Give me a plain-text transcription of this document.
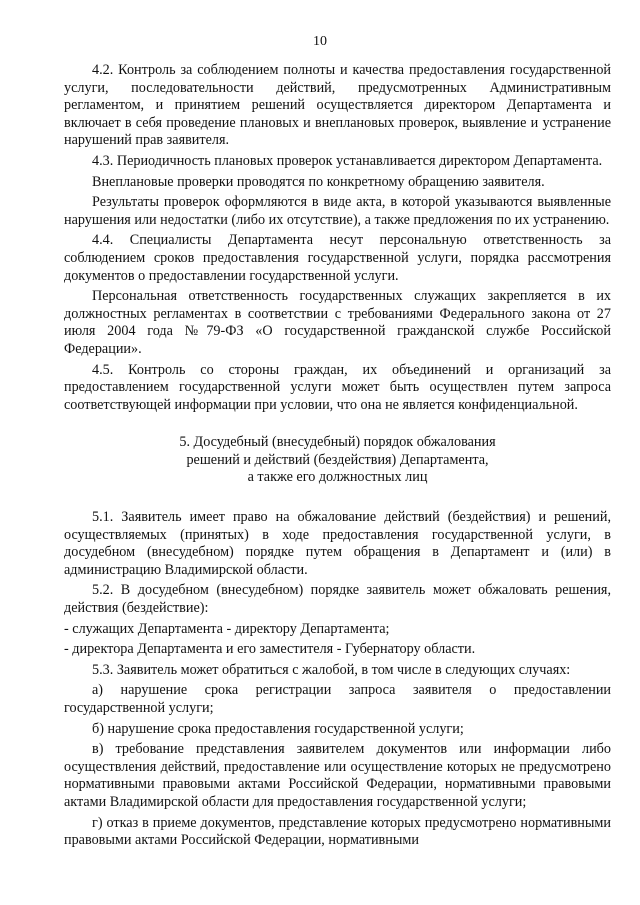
10

4.2. Контроль за соблюдением полноты и качества предоставления государственной услуги, последовательности действий, предусмотренных Административным регламентом, и принятием решений осуществляется директором Департамента и включает в себя проведение плановых и внеплановых проверок, выявление и устранение нарушений прав заявителя.

4.3. Периодичность плановых проверок устанавливается директором Департамента.

Внеплановые проверки проводятся по конкретному обращению заявителя.

Результаты проверок оформляются в виде акта, в которой указываются выявленные нарушения или недостатки (либо их отсутствие), а также предложения по их устранению.

4.4. Специалисты Департамента несут персональную ответственность за соблюдением сроков предоставления государственной услуги, порядка рассмотрения документов о предоставлении государственной услуги.

Персональная ответственность государственных служащих закрепляется в их должностных регламентах в соответствии с требованиями Федерального закона от 27 июля 2004 года №79-ФЗ «О государственной гражданской службе Российской Федерации».

4.5. Контроль со стороны граждан, их объединений и организаций за предоставлением государственной услуги может быть осуществлен путем запроса соответствующей информации при условии, что она не является конфиденциальной.

5. Досудебный (внесудебный) порядок обжалования
решений и действий (бездействия) Департамента,
а также его должностных лиц

5.1. Заявитель имеет право на обжалование действий (бездействия) и решений, осуществляемых (принятых) в ходе предоставления государственной услуги, в досудебном (внесудебном) порядке путем обращения в Департамент и (или) в администрацию Владимирской области.

5.2. В досудебном (внесудебном) порядке заявитель может обжаловать решения, действия (бездействие):

- служащих Департамента - директору Департамента;

- директора Департамента и его заместителя - Губернатору области.

5.3. Заявитель может обратиться с жалобой, в том числе в следующих случаях:

а) нарушение срока регистрации запроса заявителя о предоставлении государственной услуги;

б) нарушение срока предоставления государственной услуги;

в) требование представления заявителем документов или информации либо осуществления действий, предоставление или осуществление которых не предусмотрено нормативными правовыми актами Российской Федерации, нормативными правовыми актами Владимирской области для предоставления государственной услуги;

г) отказ в приеме документов, представление которых предусмотрено нормативными правовыми актами Российской Федерации, нормативными
